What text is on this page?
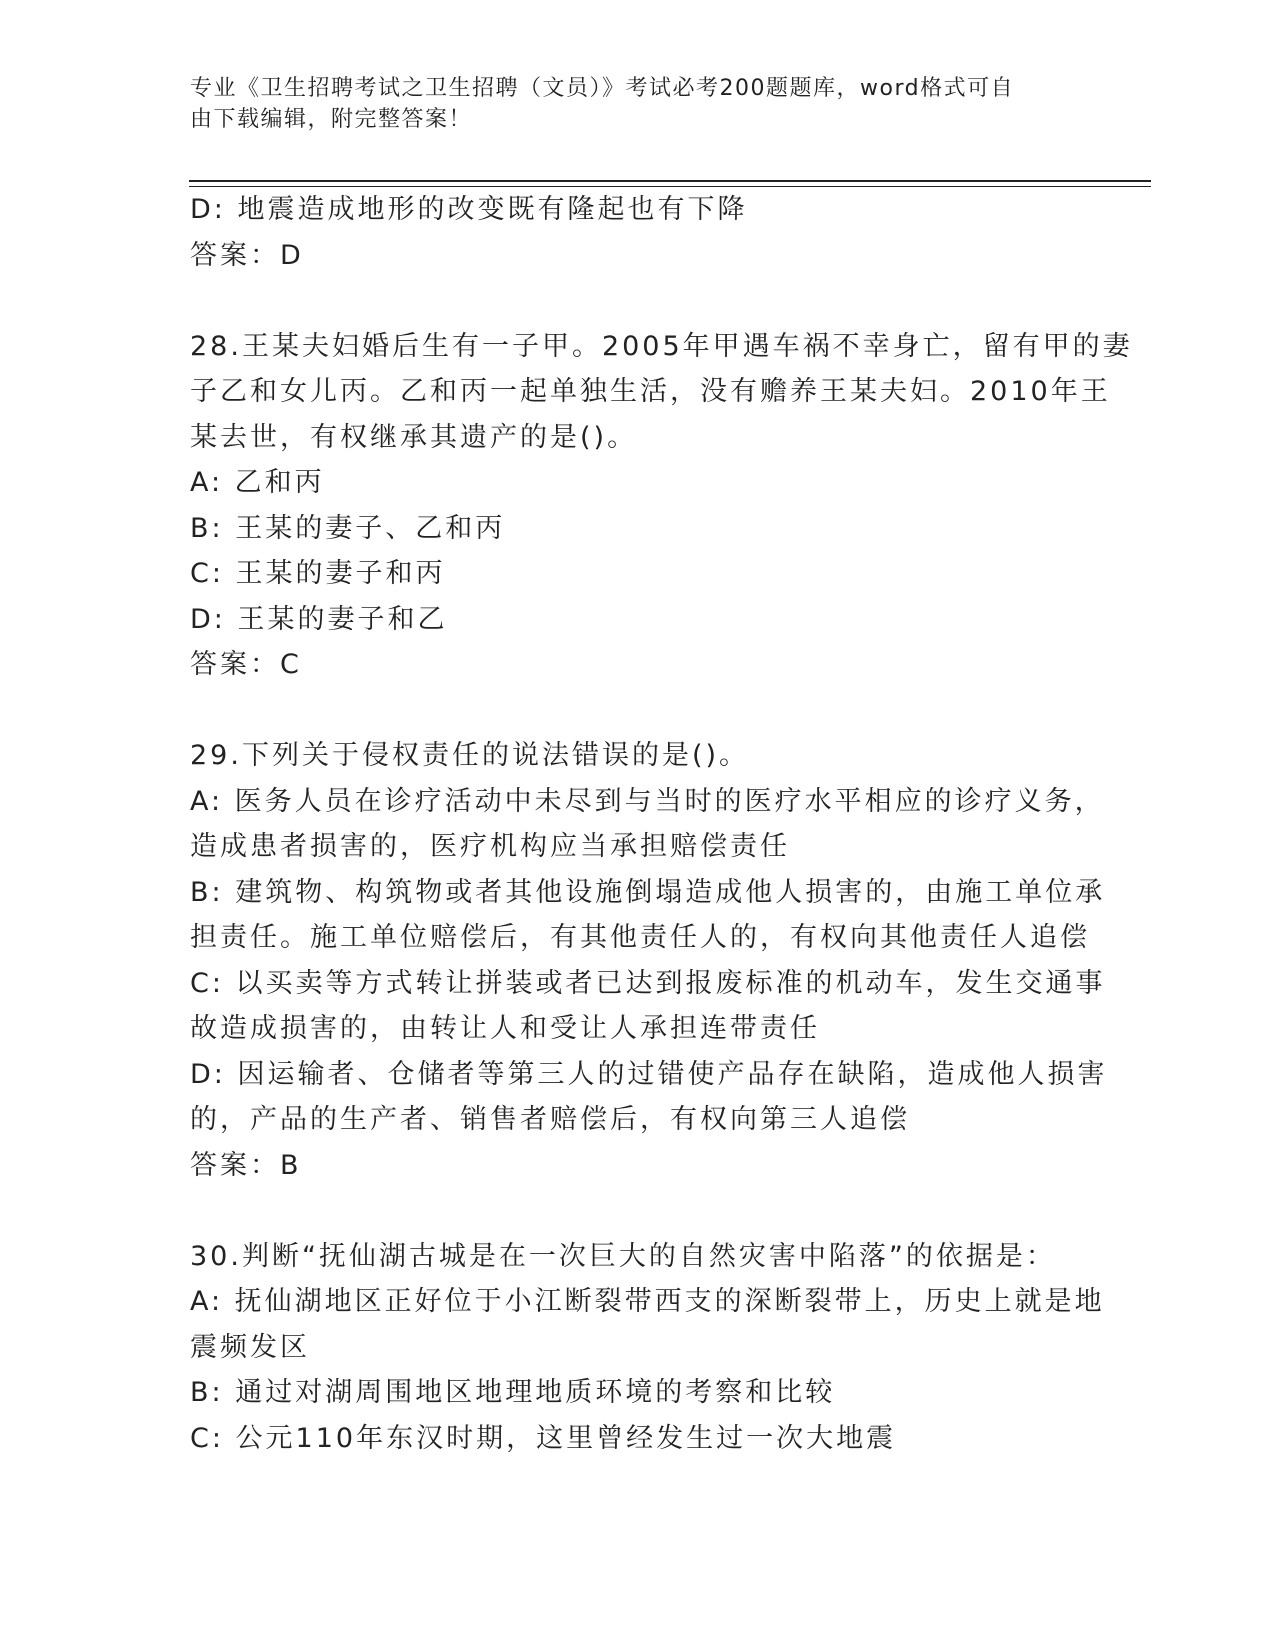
专业《卫生招聘考试之卫生招聘（文员）》考试必考200题题库，word格式可自
由下载编辑，附完整答案！
D: 地震造成地形的改变既有隆起也有下降
答案：D
28.王某夫妇婚后生有一子甲。2005年甲遇车祸不幸身亡，留有甲的妻
子乙和女儿丙。乙和丙一起单独生活，没有赡养王某夫妇。2010年王
某去世，有权继承其遗产的是()。
A: 乙和丙
B: 王某的妻子、乙和丙
C: 王某的妻子和丙
D: 王某的妻子和乙
答案：C
29.下列关于侵权责任的说法错误的是()。
A: 医务人员在诊疗活动中未尽到与当时的医疗水平相应的诊疗义务，
造成患者损害的，医疗机构应当承担赔偿责任
B: 建筑物、构筑物或者其他设施倒塌造成他人损害的，由施工单位承
担责任。施工单位赔偿后，有其他责任人的，有权向其他责任人追偿
C: 以买卖等方式转让拼装或者已达到报废标准的机动车，发生交通事
故造成损害的，由转让人和受让人承担连带责任
D: 因运输者、仓储者等第三人的过错使产品存在缺陷，造成他人损害
的，产品的生产者、销售者赔偿后，有权向第三人追偿
答案：B
30.判断“抚仙湖古城是在一次巨大的自然灾害中陷落”的依据是：
A: 抚仙湖地区正好位于小江断裂带西支的深断裂带上，历史上就是地
震频发区
B: 通过对湖周围地区地理地质环境的考察和比较
C: 公元110年东汉时期，这里曾经发生过一次大地震
